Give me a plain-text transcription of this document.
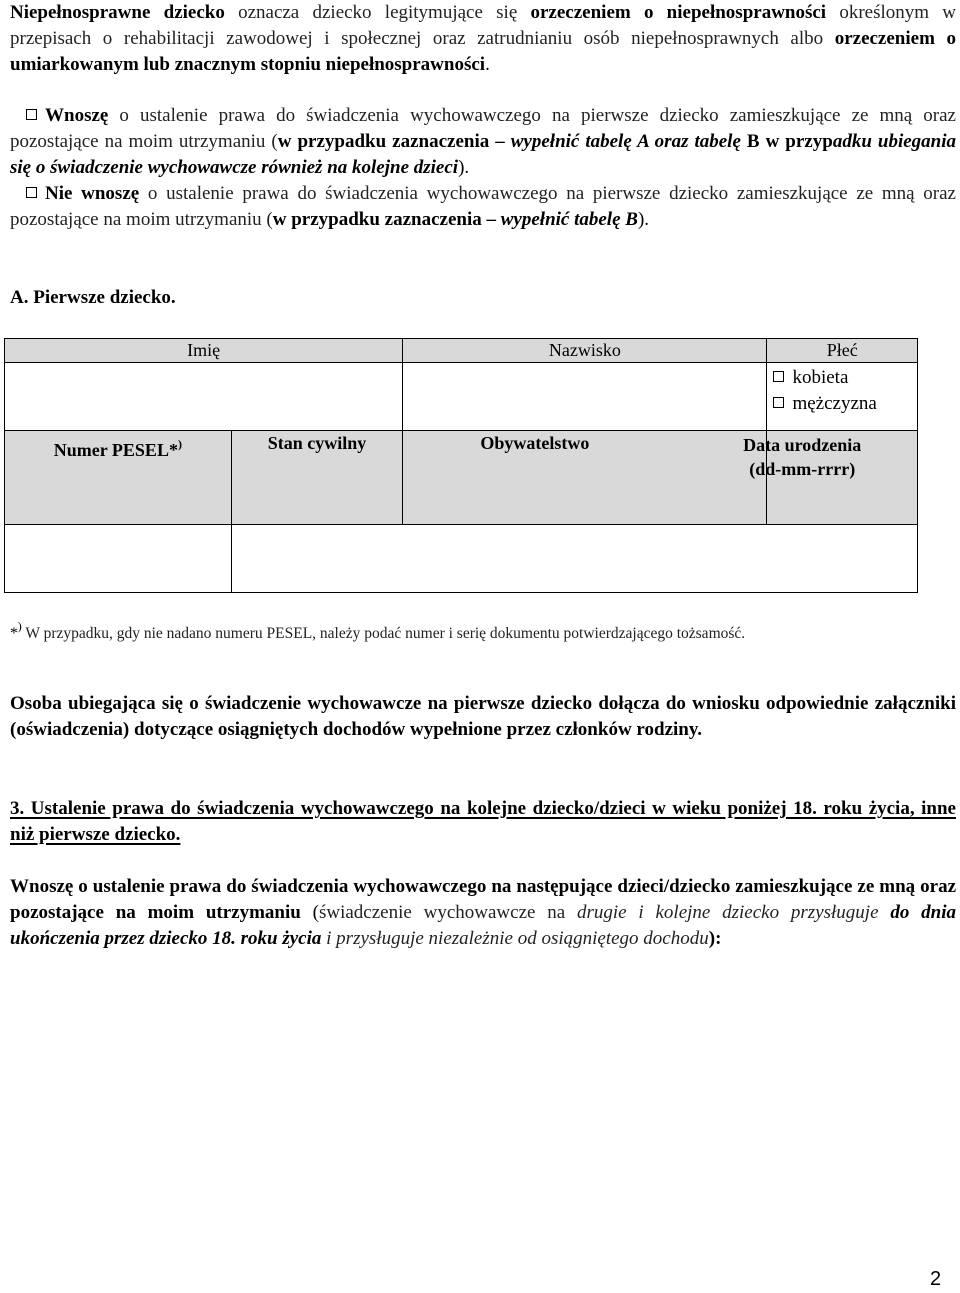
Niepełnosprawne dziecko oznacza dziecko legitymujące się orzeczeniem o niepełnosprawności określonym w przepisach o rehabilitacji zawodowej i społecznej oraz zatrudnianiu osób niepełnosprawnych albo orzeczeniem o umiarkowanym lub znacznym stopniu niepełnosprawności.
Wnoszę o ustalenie prawa do świadczenia wychowawczego na pierwsze dziecko zamieszkujące ze mną oraz pozostające na moim utrzymaniu (w przypadku zaznaczenia – wypełnić tabelę A oraz tabelę B w przypadku ubiegania się o świadczenie wychowawcze również na kolejne dzieci).
Nie wnoszę o ustalenie prawa do świadczenia wychowawczego na pierwsze dziecko zamieszkujące ze mną oraz pozostające na moim utrzymaniu (w przypadku zaznaczenia – wypełnić tabelę B).
A. Pierwsze dziecko.
Imię		Nazwisko	Płeć

			kobieta
mężczyzna

Numer PESEL*)	Stan cywilny	Obywatelstwo	Data urodzenia
(dd-mm-rrrr)

*) W przypadku, gdy nie nadano numeru PESEL, należy podać numer i serię dokumentu potwierdzającego tożsamość.
Osoba ubiegająca się o świadczenie wychowawcze na pierwsze dziecko dołącza do wniosku odpowiednie załączniki (oświadczenia) dotyczące osiągniętych dochodów wypełnione przez członków rodziny.
3. Ustalenie prawa do świadczenia wychowawczego na kolejne dziecko/dzieci w wieku poniżej 18. roku życia, inne niż pierwsze dziecko.
Wnoszę o ustalenie prawa do świadczenia wychowawczego na następujące dzieci/dziecko zamieszkujące ze mną oraz pozostające na moim utrzymaniu (świadczenie wychowawcze na drugie i kolejne dziecko przysługuje do dnia ukończenia przez dziecko 18. roku życia i przysługuje niezależnie od osiągniętego dochodu):
2
